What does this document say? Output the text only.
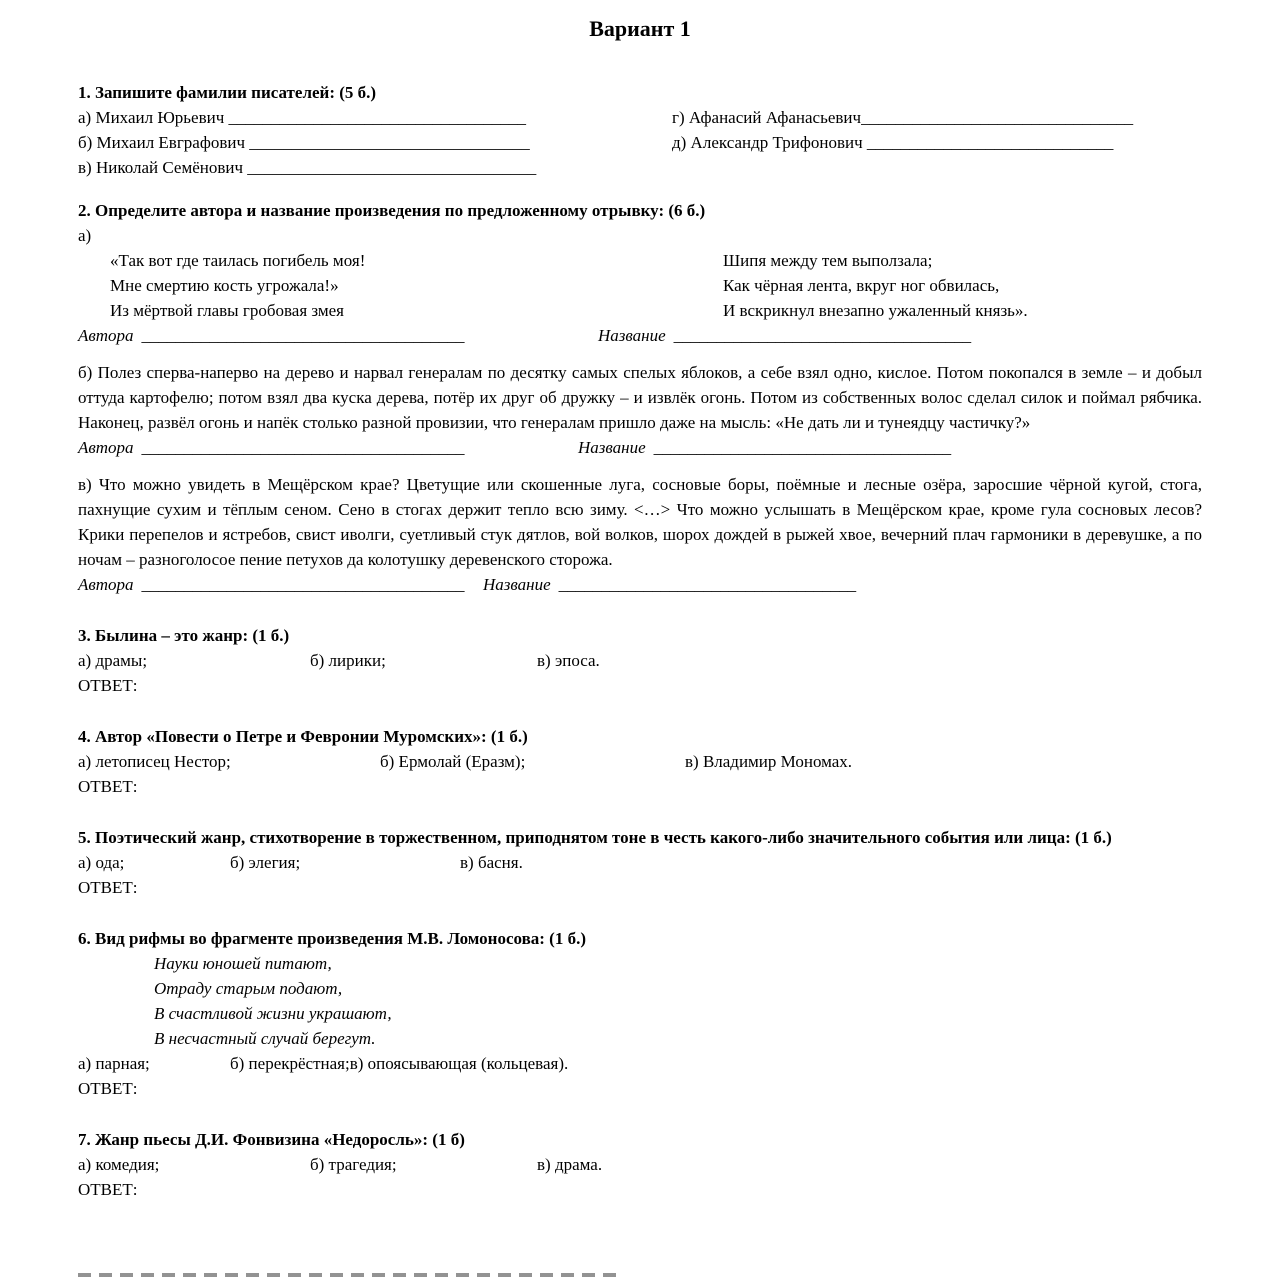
Вариант 1
1. Запишите фамилии писателей: (5 б.)
а) Михаил Юрьевич ___________________________________	г) Афанасий Афанасьевич________________________________
б) Михаил Евграфович _________________________________	д) Александр Трифонович _____________________________
в) Николай Семёнович __________________________________
2. Определите автора и название произведения по предложенному отрывку: (6 б.)
а)
«Так вот где таилась погибель моя!
Мне смертию кость угрожала!»
Из мёртвой главы гробовая змея
Шипя между тем выползала;
Как чёрная лента, вкруг ног обвилась,
И вскрикнул внезапно ужаленный князь».
Автора ______________________________________	Название ___________________________________
б) Полез сперва-наперво на дерево и нарвал генералам по десятку самых спелых яблоков, а себе взял одно, кислое. Потом покопался в земле – и добыл оттуда картофелю; потом взял два куска дерева, потёр их друг об дружку – и извлёк огонь. Потом из собственных волос сделал силок и поймал рябчика. Наконец, развёл огонь и напёк столько разной провизии, что генералам пришло даже на мысль: «Не дать ли и тунеядцу частичку?»
Автора ______________________________________	Название ___________________________________
в) Что можно увидеть в Мещёрском крае? Цветущие или скошенные луга, сосновые боры, поёмные и лесные озёра, заросшие чёрной кугой, стога, пахнущие сухим и тёплым сеном. Сено в стогах держит тепло всю зиму. <…> Что можно услышать в Мещёрском крае, кроме гула сосновых лесов? Крики перепелов и ястребов, свист иволги, суетливый стук дятлов, вой волков, шорох дождей в рыжей хвое, вечерний плач гармоники в деревушке, а по ночам – разноголосое пение петухов да колотушку деревенского сторожа.
Автора ______________________________________	Название ___________________________________
3. Былина – это жанр: (1 б.)
а) драмы;	б) лирики;	в) эпоса.
ОТВЕТ:
4. Автор «Повести о Петре и Февронии Муромских»: (1 б.)
а) летописец Нестор;	б) Ермолай (Еразм);	в) Владимир Мономах.
ОТВЕТ:
5. Поэтический жанр, стихотворение в торжественном, приподнятом тоне в честь какого-либо значительного события или лица: (1 б.)
а) ода;	б) элегия;	в) басня.
ОТВЕТ:
6. Вид рифмы во фрагменте произведения М.В. Ломоносова: (1 б.)
Науки юношей питают,
Отраду старым подают,
В счастливой жизни украшают,
В несчастный случай берегут.
а) парная;	б) перекрёстная;в) опоясывающая (кольцевая).
ОТВЕТ:
7. Жанр пьесы Д.И. Фонвизина «Недоросль»: (1 б)
а) комедия;	б) трагедия;	в) драма.
ОТВЕТ:
